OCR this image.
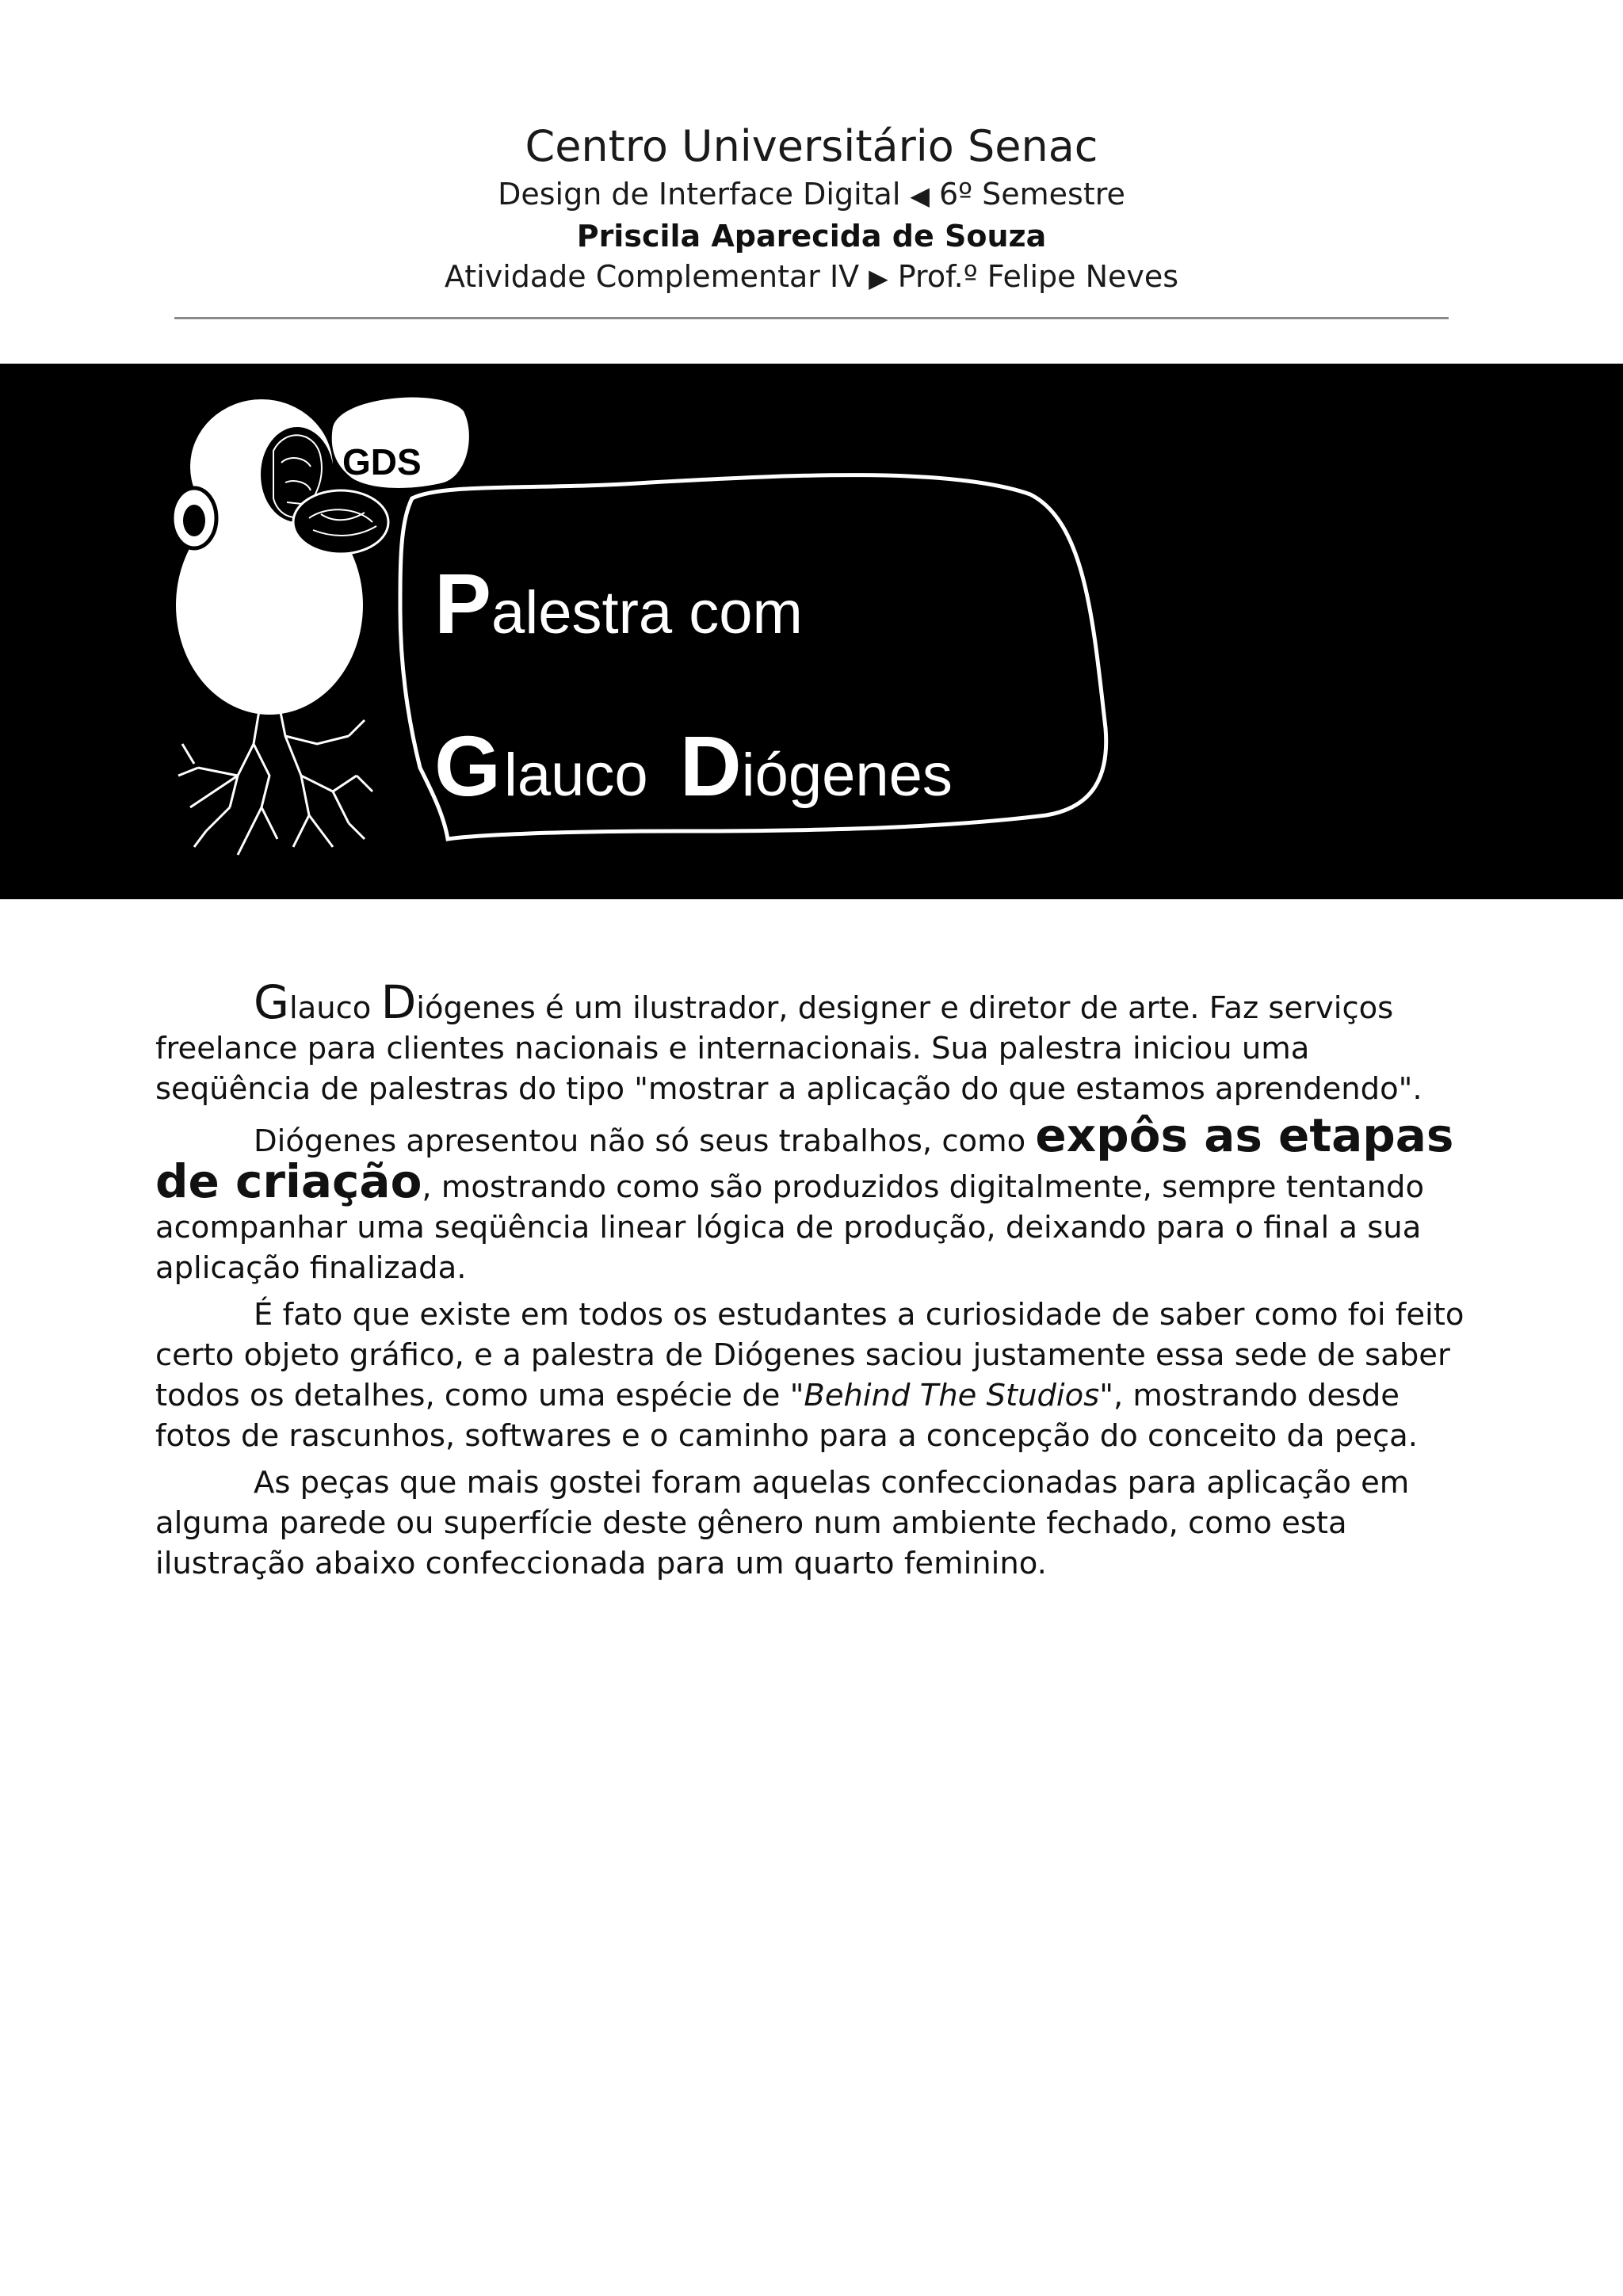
Centro Universitário Senac
Design de Interface Digital ◀ 6º Semestre
Priscila Aparecida de Souza
Atividade Complementar IV ▶ Prof.º Felipe Neves
GDS
Palestra com
Glauco Diógenes

Glauco Diógenes é um ilustrador, designer e diretor de arte. Faz serviços freelance para clientes nacionais e internacionais. Sua palestra iniciou uma seqüência de palestras do tipo "mostrar a aplicação do que estamos aprendendo".

Diógenes apresentou não só seus trabalhos, como expôs as etapas de criação, mostrando como são produzidos digitalmente, sempre tentando acompanhar uma seqüência linear lógica de produção, deixando para o final a sua aplicação finalizada.

É fato que existe em todos os estudantes a curiosidade de saber como foi feito certo objeto gráfico, e a palestra de Diógenes saciou justamente essa sede de saber todos os detalhes, como uma espécie de "Behind The Studios", mostrando desde fotos de rascunhos, softwares e o caminho para a concepção do conceito da peça.

As peças que mais gostei foram aquelas confeccionadas para aplicação em alguma parede ou superfície deste gênero num ambiente fechado, como esta ilustração abaixo confeccionada para um quarto feminino.
